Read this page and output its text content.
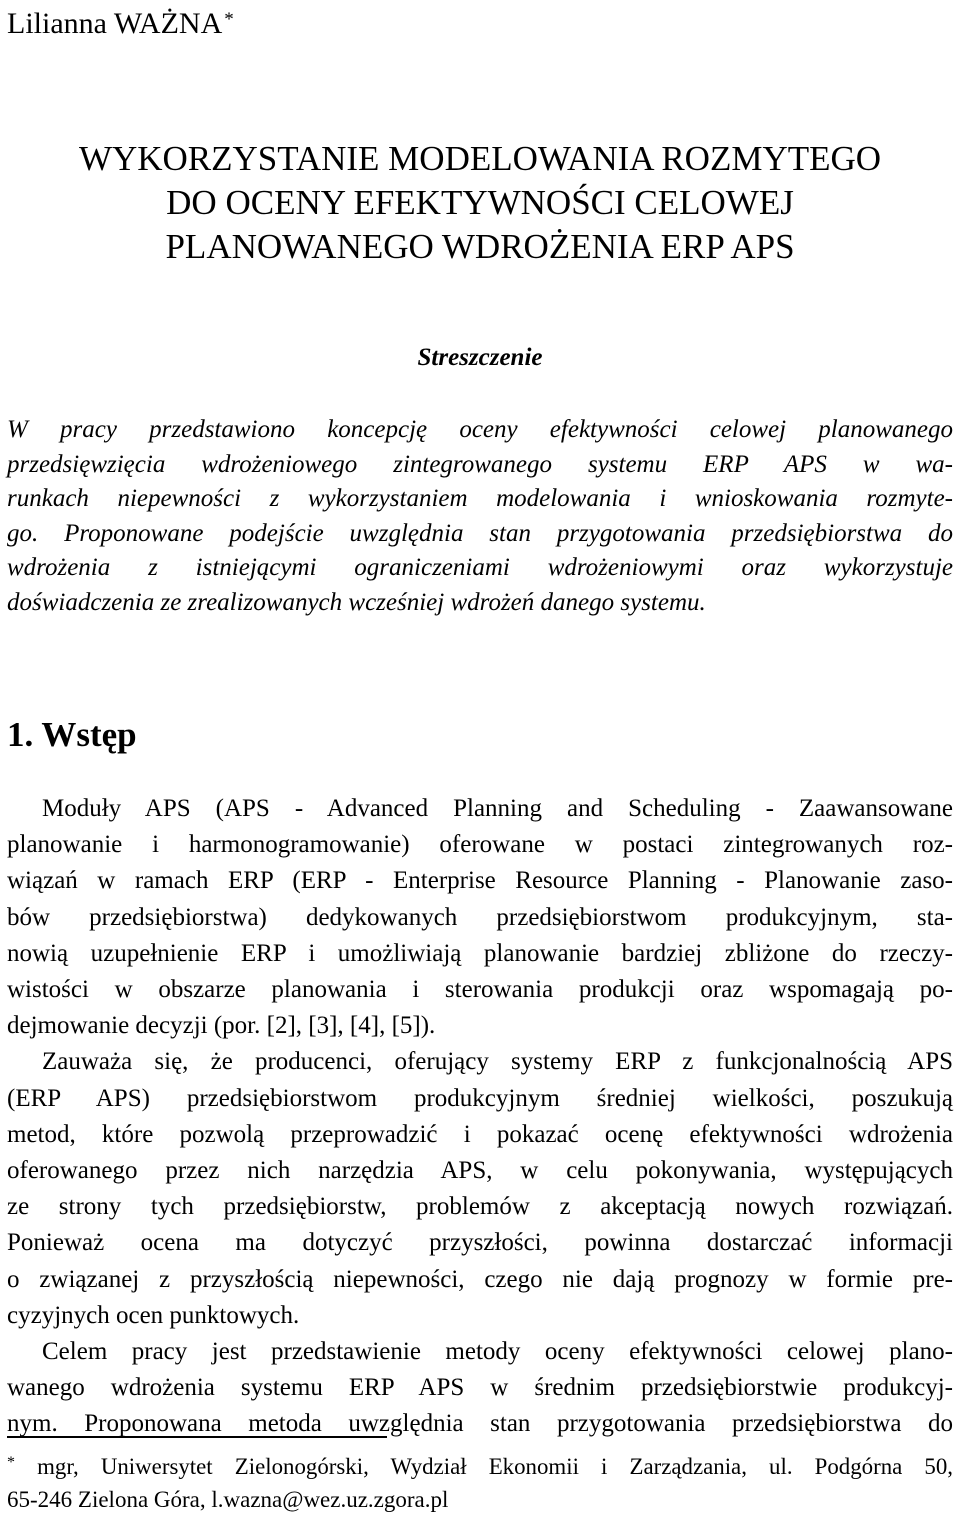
Lilianna WAŻNA *
WYKORZYSTANIE MODELOWANIA ROZMYTEGO
DO OCENY EFEKTYWNOŚCI CELOWEJ
PLANOWANEGO WDROŻENIA ERP APS
Streszczenie
W pracy przedstawiono koncepcję oceny efektywności celowej planowanego
przedsięwzięcia wdrożeniowego zintegrowanego systemu ERP APS w wa-
runkach niepewności z wykorzystaniem modelowania i wnioskowania rozmyte-
go. Proponowane podejście uwzględnia stan przygotowania przedsiębiorstwa do
wdrożenia z istniejącymi ograniczeniami wdrożeniowymi oraz wykorzystuje
doświadczenia ze zrealizowanych wcześniej wdrożeń danego systemu.
1. Wstęp
Moduły APS (APS - Advanced Planning and Scheduling - Zaawansowane
planowanie i harmonogramowanie) oferowane w postaci zintegrowanych roz-
wiązań w ramach ERP (ERP - Enterprise Resource Planning - Planowanie zaso-
bów przedsiębiorstwa) dedykowanych przedsiębiorstwom produkcyjnym, sta-
nowią uzupełnienie ERP i umożliwiają planowanie bardziej zbliżone do rzeczy-
wistości w obszarze planowania i sterowania produkcji oraz wspomagają po-
dejmowanie decyzji (por. [2], [3], [4], [5]).
Zauważa się, że producenci, oferujący systemy ERP z funkcjonalnością APS
(ERP APS) przedsiębiorstwom produkcyjnym średniej wielkości, poszukują
metod, które pozwolą przeprowadzić i pokazać ocenę efektywności wdrożenia
oferowanego przez nich narzędzia APS, w celu pokonywania, występujących
ze strony tych przedsiębiorstw, problemów z akceptacją nowych rozwiązań.
Ponieważ ocena ma dotyczyć przyszłości, powinna dostarczać informacji
o związanej z przyszłością niepewności, czego nie dają prognozy w formie pre-
cyzyjnych ocen punktowych.
Celem pracy jest przedstawienie metody oceny efektywności celowej plano-
wanego wdrożenia systemu ERP APS w średnim przedsiębiorstwie produkcyj-
nym. Proponowana metoda uwzględnia stan przygotowania przedsiębiorstwa do
* mgr, Uniwersytet Zielonogórski, Wydział Ekonomii i Zarządzania, ul. Podgórna 50,
65-246 Zielona Góra, l.wazna@wez.uz.zgora.pl
